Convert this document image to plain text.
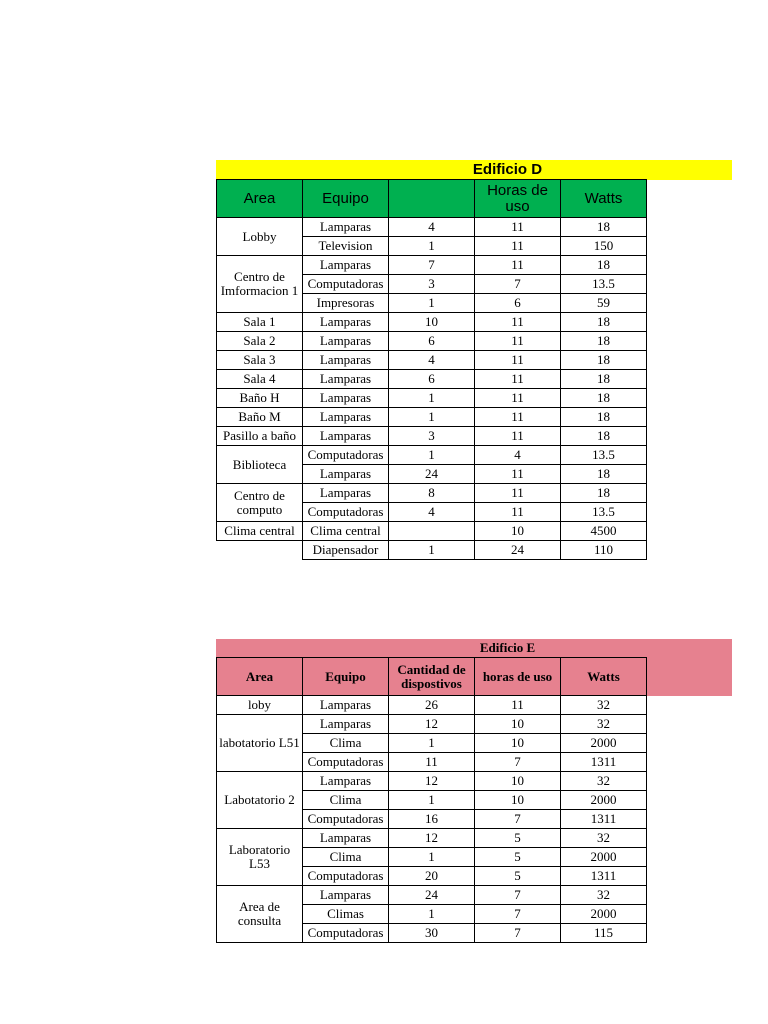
Edificio D				
Area	Equipo		Horas de uso	Watts
Lobby	Lamparas	4	11	18
	Television	1	11	150
Centro de Imformacion 1	Lamparas	7	11	18
	Computadoras	3	7	13.5
	Impresoras	1	6	59
Sala 1	Lamparas	10	11	18
Sala 2	Lamparas	6	11	18
Sala 3	Lamparas	4	11	18
Sala 4	Lamparas	6	11	18
Baño H	Lamparas	1	11	18
Baño M	Lamparas	1	11	18
Pasillo a baño	Lamparas	3	11	18
Biblioteca	Computadoras	1	4	13.5
	Lamparas	24	11	18
Centro de computo	Lamparas	8	11	18
	Computadoras	4	11	13.5
Clima central	Clima central		10	4500
	Diapensador	1	24	110
Edificio E				
Area	Equipo	Cantidad de dispostivos	horas de uso	Watts
loby	Lamparas	26	11	32
labotatorio L51	Lamparas	12	10	32
	Clima	1	10	2000
	Computadoras	11	7	1311
Labotatorio 2	Lamparas	12	10	32
	Clima	1	10	2000
	Computadoras	16	7	1311
Laboratorio L53	Lamparas	12	5	32
	Clima	1	5	2000
	Computadoras	20	5	1311
Area de consulta	Lamparas	24	7	32
	Climas	1	7	2000
	Computadoras	30	7	115
